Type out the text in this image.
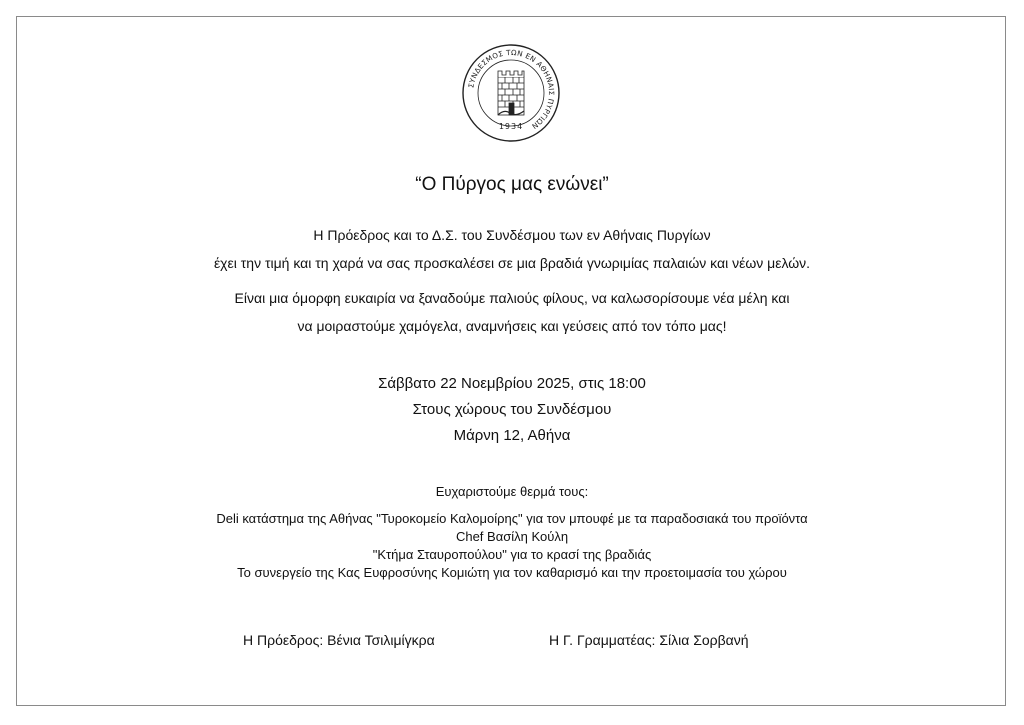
ΣΥΝΔΕΣΜΟΣ ΤΩΝ ΕΝ ΑΘΗΝΑΙΣ ΠΥΡΓΙΩΝ
1934
“Ο Πύργος μας ενώνει”
Η Πρόεδρος και το Δ.Σ. του Συνδέσμου των εν Αθήναις Πυργίων
έχει την τιμή και τη χαρά να σας προσκαλέσει σε μια βραδιά γνωριμίας παλαιών και νέων μελών.
Είναι μια όμορφη ευκαιρία να ξαναδούμε παλιούς φίλους, να καλωσορίσουμε νέα μέλη και
να μοιραστούμε χαμόγελα, αναμνήσεις και γεύσεις από τον τόπο μας!
Σάββατο 22 Νοεμβρίου 2025, στις 18:00
Στους χώρους του Συνδέσμου
Μάρνη 12, Αθήνα
Ευχαριστούμε θερμά τους:
Deli κατάστημα της Αθήνας "Τυροκομείο Καλομοίρης" για τον μπουφέ με τα παραδοσιακά του προϊόντα
Chef Βασίλη Κούλη
"Κτήμα Σταυροπούλου" για το κρασί της βραδιάς
Το συνεργείο της Κας Ευφροσύνης Κομιώτη για τον καθαρισμό και την προετοιμασία του χώρου
Η Πρόεδρος: Βένια Τσιλιμίγκρα	Η Γ. Γραμματέας: Σίλια Σορβανή
